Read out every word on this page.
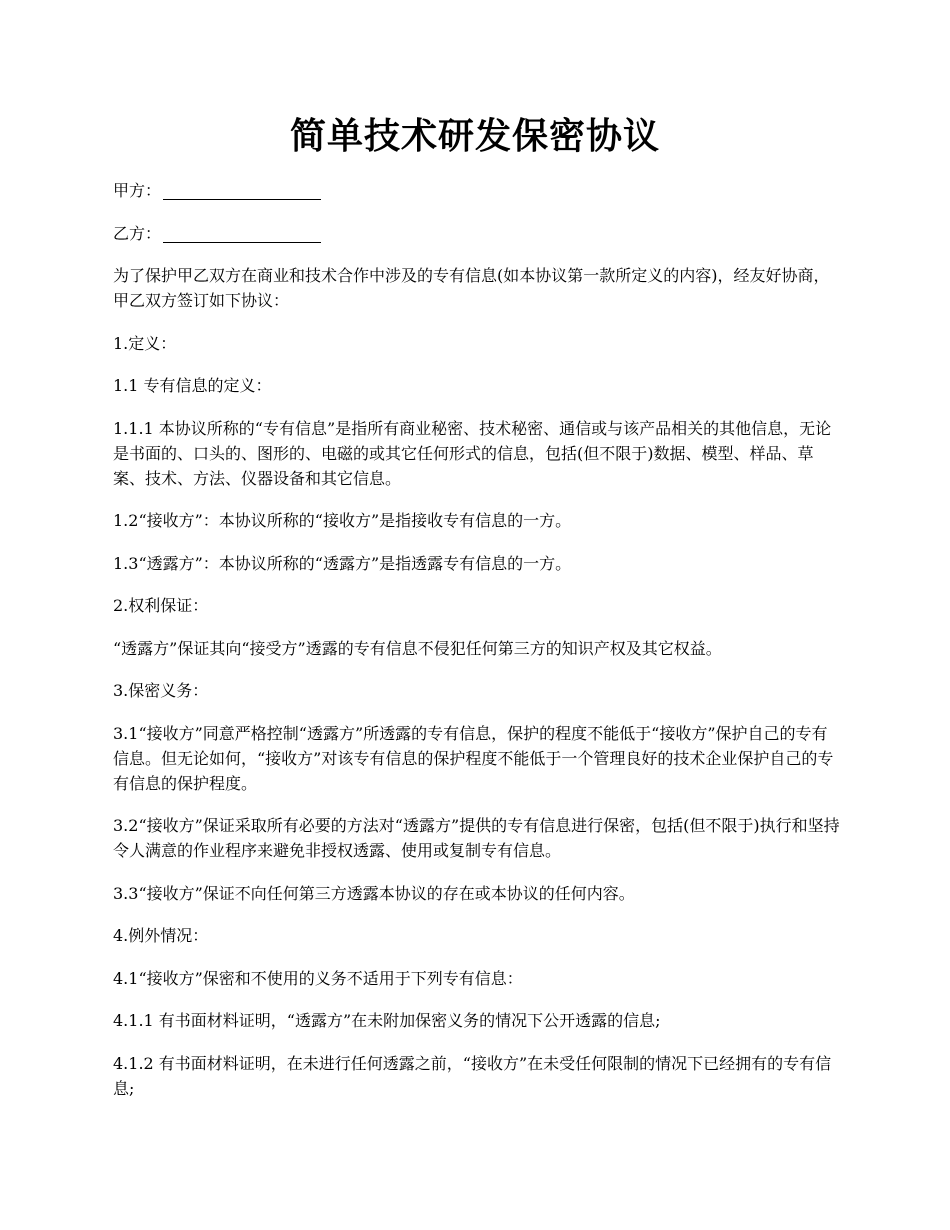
简单技术研发保密协议

甲方：

乙方：

为了保护甲乙双方在商业和技术合作中涉及的专有信息(如本协议第一款所定义的内容)，经友好协商，甲乙双方签订如下协议：

1.定义：

1.1 专有信息的定义：

1.1.1 本协议所称的“专有信息”是指所有商业秘密、技术秘密、通信或与该产品相关的其他信息，无论是书面的、口头的、图形的、电磁的或其它任何形式的信息，包括(但不限于)数据、模型、样品、草案、技术、方法、仪器设备和其它信息。

1.2“接收方”：本协议所称的“接收方”是指接收专有信息的一方。

1.3“透露方”：本协议所称的“透露方”是指透露专有信息的一方。

2.权利保证：

“透露方”保证其向“接受方”透露的专有信息不侵犯任何第三方的知识产权及其它权益。

3.保密义务：

3.1“接收方”同意严格控制“透露方”所透露的专有信息，保护的程度不能低于“接收方”保护自己的专有信息。但无论如何，“接收方”对该专有信息的保护程度不能低于一个管理良好的技术企业保护自己的专有信息的保护程度。

3.2“接收方”保证采取所有必要的方法对“透露方”提供的专有信息进行保密，包括(但不限于)执行和坚持令人满意的作业程序来避免非授权透露、使用或复制专有信息。

3.3“接收方”保证不向任何第三方透露本协议的存在或本协议的任何内容。

4.例外情况：

4.1“接收方”保密和不使用的义务不适用于下列专有信息：

4.1.1 有书面材料证明，“透露方”在未附加保密义务的情况下公开透露的信息;

4.1.2 有书面材料证明，在未进行任何透露之前，“接收方”在未受任何限制的情况下已经拥有的专有信息;
